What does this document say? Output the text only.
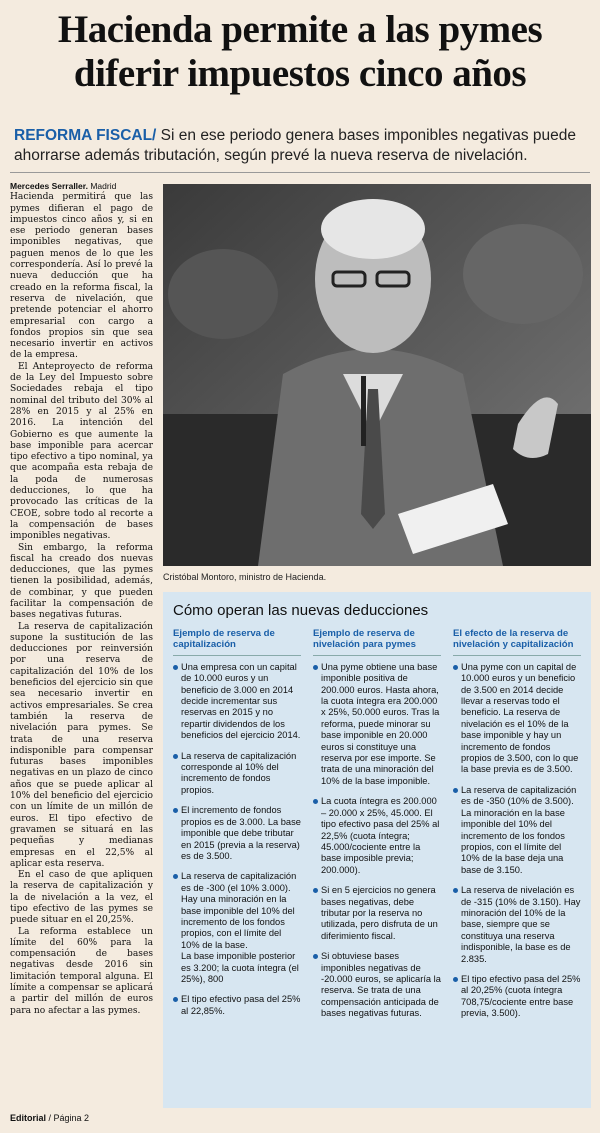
Hacienda permite a las pymes diferir impuestos cinco años
REFORMA FISCAL/ Si en ese periodo genera bases imponibles negativas puede ahorrarse además tributación, según prevé la nueva reserva de nivelación.
Mercedes Serraller. Madrid

Hacienda permitirá que las pymes difieran el pago de impuestos cinco años y, si en ese periodo generan bases imponibles negativas, que paguen menos de lo que les correspondería. Así lo prevé la nueva deducción que ha creado en la reforma fiscal, la reserva de nivelación, que pretende potenciar el ahorro empresarial con cargo a fondos propios sin que sea necesario invertir en activos de la empresa.

El Anteproyecto de reforma de la Ley del Impuesto sobre Sociedades rebaja el tipo nominal del tributo del 30% al 28% en 2015 y al 25% en 2016. La intención del Gobierno es que aumente la base imponible para acercar tipo efectivo a tipo nominal, ya que acompaña esta rebaja de la poda de numerosas deducciones, lo que ha provocado las críticas de la CEOE, sobre todo al recorte a la compensación de bases imponibles negativas.

Sin embargo, la reforma fiscal ha creado dos nuevas deducciones, que las pymes tienen la posibilidad, además, de combinar, y que pueden facilitar la compensación de bases negativas futuras.

La reserva de capitalización supone la sustitución de las deducciones por reinversión por una reserva de capitalización del 10% de los beneficios del ejercicio sin que sea necesario invertir en activos empresariales. Se crea también la reserva de nivelación para pymes. Se trata de una reserva indisponible para compensar futuras bases imponibles negativas en un plazo de cinco años que se puede aplicar al 10% del beneficio del ejercicio con un límite de un millón de euros. El tipo efectivo de gravamen se situará en las pequeñas y medianas empresas en el 22,5% al aplicar esta reserva.

En el caso de que apliquen la reserva de capitalización y la de nivelación a la vez, el tipo efectivo de las pymes se puede situar en el 20,25%.

La reforma establece un límite del 60% para la compensación de bases negativas desde 2016 sin limitación temporal alguna. El límite a compensar se aplicará a partir del millón de euros para no afectar a las pymes.

Editorial / Página 2
Cristóbal Montoro, ministro de Hacienda.
Cómo operan las nuevas deducciones
Ejemplo de reserva de capitalización
Una empresa con un capital de 10.000 euros y un beneficio de 3.000 en 2014 decide incrementar sus reservas en 2015 y no repartir dividendos de los beneficios del ejercicio 2014.
La reserva de capitalización corresponde al 10% del incremento de fondos propios.
El incremento de fondos propios es de 3.000. La base imponible que debe tributar en 2015 (previa a la reserva) es de 3.500.
La reserva de capitalización es de -300 (el 10% 3.000). Hay una minoración en la base imponible del 10% del incremento de los fondos propios, con el límite del 10% de la base.
La base imponible posterior es 3.200; la cuota íntegra (el 25%), 800
El tipo efectivo pasa del 25% al 22,85%.
Ejemplo de reserva de nivelación para pymes
Una pyme obtiene una base imponible positiva de 200.000 euros. Hasta ahora, la cuota íntegra era 200.000 x 25%, 50.000 euros. Tras la reforma, puede minorar su base imponible en 20.000 euros si constituye una reserva por ese importe. Se trata de una minoración del 10% de la base imponible.
La cuota íntegra es 200.000 – 20.000 x 25%, 45.000. El tipo efectivo pasa del 25% al 22,5% (cuota íntegra; 45.000/cociente entre la base imposible previa; 200.000).
Si en 5 ejercicios no genera bases negativas, debe tributar por la reserva no utilizada, pero disfruta de un diferimiento fiscal.
Si obtuviese bases imponibles negativas de -20.000 euros, se aplicaría la reserva. Se trata de una compensación anticipada de bases negativas futuras.
El efecto de la reserva de nivelación y capitalización
Una pyme con un capital de 10.000 euros y un beneficio de 3.500 en 2014 decide llevar a reservas todo el beneficio. La reserva de nivelación es el 10% de la base imponible y hay un incremento de fondos propios de 3.500, con lo que la base previa es de 3.500.
La reserva de capitalización es de -350 (10% de 3.500). La minoración en la base imponible del 10% del incremento de los fondos propios, con el límite del 10% de la base deja una base de 3.150.
La reserva de nivelación es de -315 (10% de 3.150). Hay minoración del 10% de la base, siempre que se constituya una reserva indisponible, la base es de 2.835.
El tipo efectivo pasa del 25% al 20,25% (cuota íntegra 708,75/cociente entre base previa, 3.500).
